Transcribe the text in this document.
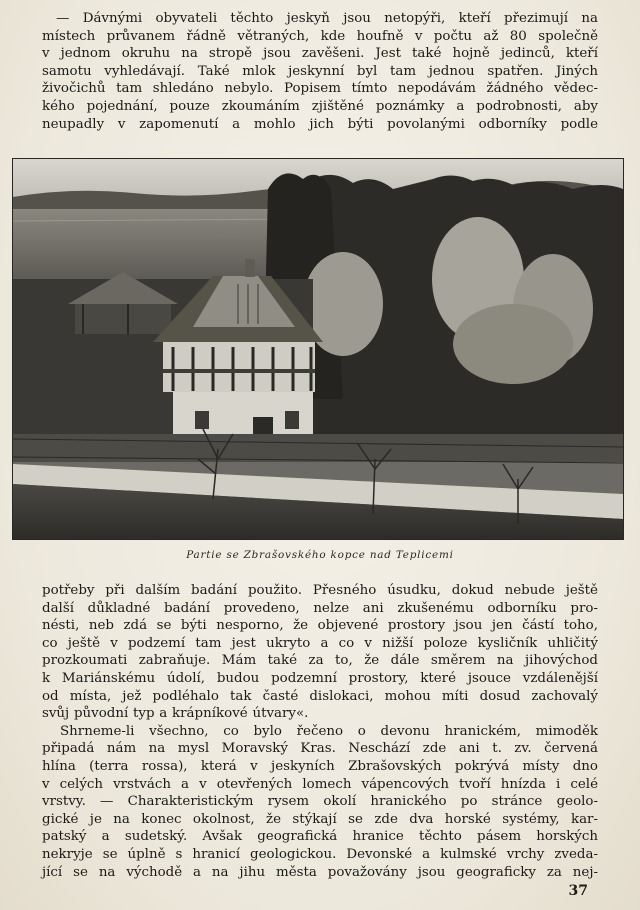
— Dávnými obyvateli těchto jeskyň jsou netopýři, kteří přezimují na
místech průvanem řádně větraných, kde houfně v počtu až 80 společně
v jednom okruhu na stropě jsou zavěšeni. Jest také hojně jedinců, kteří
samotu vyhledávají. Také mlok jeskynní byl tam jednou spatřen. Jiných
živočichů tam shledáno nebylo. Popisem tímto nepodávám žádného vědec-
kého pojednání, pouze zkoumáním zjištěné poznámky a podrobnosti, aby
neupadly v zapomenutí a mohlo jich býti povolanými odborníky podle
Partie se Zbrašovského kopce nad Teplicemi
potřeby při dalším badání použito. Přesného úsudku, dokud nebude ještě
další důkladné badání provedeno, nelze ani zkušenému odborníku pro-
nésti, neb zdá se býti nesporno, že objevené prostory jsou jen částí toho,
co ještě v podzemí tam jest ukryto a co v nižší poloze kysličník uhličitý
prozkoumati zabraňuje. Mám také za to, že dále směrem na jihovýchod
k Mariánskému údolí, budou podzemní prostory, které jsouce vzdálenější
od místa, jež podléhalo tak časté dislokaci, mohou míti dosud zachovalý
svůj původní typ a krápníkové útvary«.
Shrneme-li všechno, co bylo řečeno o devonu hranickém, mimoděk
připadá nám na mysl Moravský Kras. Neschází zde ani t. zv. červená
hlína (terra rossa), která v jeskyních Zbrašovských pokrývá místy dno
v celých vrstvách a v otevřených lomech vápencových tvoří hnízda i celé
vrstvy. — Charakteristickým rysem okolí hranického po stránce geolo-
gické je na konec okolnost, že stýkají se zde dva horské systémy, kar-
patský a sudetský. Avšak geografická hranice těchto pásem horských
nekryje se úplně s hranicí geologickou. Devonské a kulmské vrchy zveda-
jící se na východě a na jihu města považovány jsou geograficky za nej-
37
